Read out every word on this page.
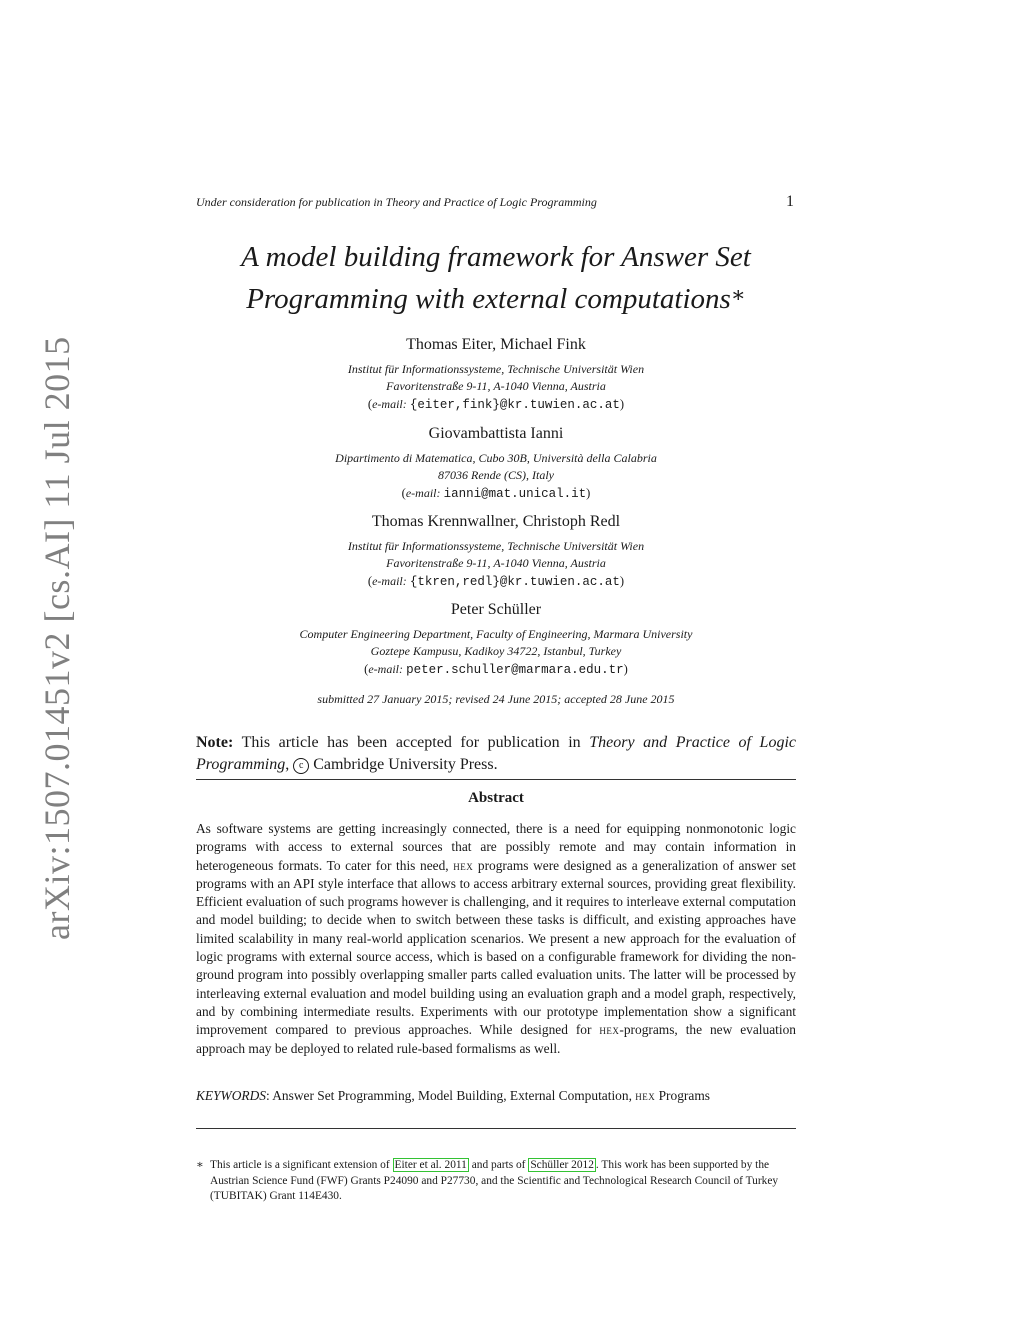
arXiv:1507.01451v2 [cs.AI] 11 Jul 2015
Under consideration for publication in Theory and Practice of Logic Programming	1
A model building framework for Answer Set
Programming with external computations∗
Thomas Eiter, Michael Fink
Institut für Informationssysteme, Technische Universität Wien
Favoritenstraße 9-11, A-1040 Vienna, Austria
(e-mail: {eiter,fink}@kr.tuwien.ac.at)
Giovambattista Ianni
Dipartimento di Matematica, Cubo 30B, Università della Calabria
87036 Rende (CS), Italy
(e-mail: ianni@mat.unical.it)
Thomas Krennwallner, Christoph Redl
Institut für Informationssysteme, Technische Universität Wien
Favoritenstraße 9-11, A-1040 Vienna, Austria
(e-mail: {tkren,redl}@kr.tuwien.ac.at)
Peter Schüller
Computer Engineering Department, Faculty of Engineering, Marmara University
Goztepe Kampusu, Kadikoy 34722, Istanbul, Turkey
(e-mail: peter.schuller@marmara.edu.tr)
submitted 27 January 2015; revised 24 June 2015; accepted 28 June 2015
Note: This article has been accepted for publication in Theory and Practice of Logic Programming, c Cambridge University Press.
Abstract
As software systems are getting increasingly connected, there is a need for equipping nonmonotonic logic programs with access to external sources that are possibly remote and may contain information in heterogeneous formats. To cater for this need, hex programs were designed as a generalization of answer set programs with an API style interface that allows to access arbitrary external sources, providing great flexibility. Efficient evaluation of such programs however is challenging, and it requires to interleave external computation and model building; to decide when to switch between these tasks is difficult, and existing approaches have limited scalability in many real-world application scenarios. We present a new approach for the evaluation of logic programs with external source access, which is based on a configurable framework for dividing the non-ground program into possibly overlapping smaller parts called evaluation units. The latter will be processed by interleaving external evaluation and model building using an evaluation graph and a model graph, respectively, and by combining intermediate results. Experiments with our prototype implementation show a significant improvement compared to previous approaches. While designed for hex-programs, the new evaluation approach may be deployed to related rule-based formalisms as well.
KEYWORDS: Answer Set Programming, Model Building, External Computation, hex Programs
∗ This article is a significant extension of Eiter et al. 2011 and parts of Schüller 2012 . This work has been supported by the Austrian Science Fund (FWF) Grants P24090 and P27730, and the Scientific and Technological Research Council of Turkey (TUBITAK) Grant 114E430.
